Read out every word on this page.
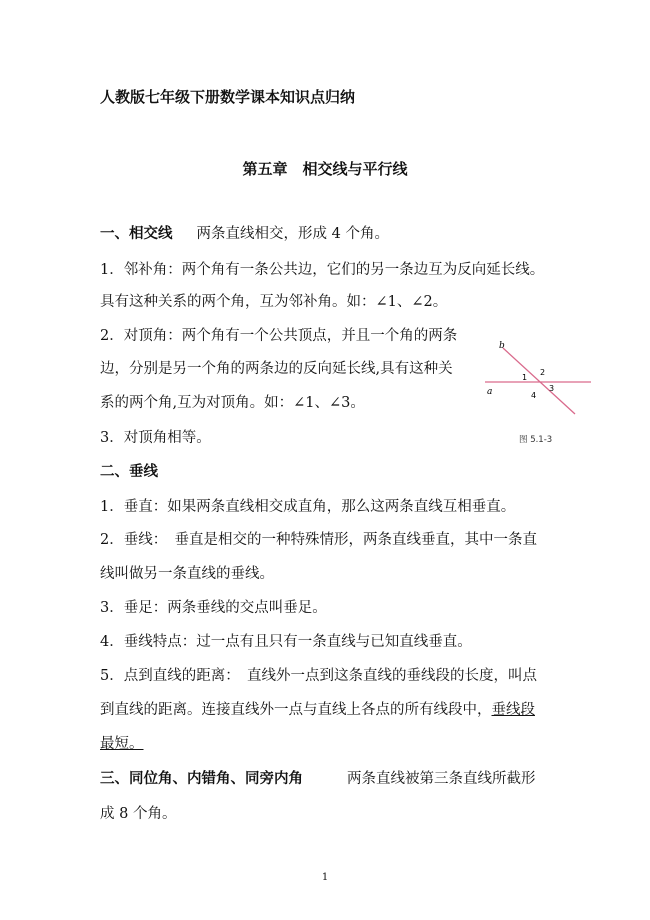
人教版七年级下册数学课本知识点归纳
第五章　相交线与平行线
一、相交线 两条直线相交，形成 4 个角。
1．邻补角：两个角有一条公共边，它们的另一条边互为反向延长线。
具有这种关系的两个角，互为邻补角。如：∠1、∠2。
2．对顶角：两个角有一个公共顶点，并且一个角的两条
边，分别是另一个角的两条边的反向延长线,具有这种关
系的两个角,互为对顶角。如：∠1、∠3。
3．对顶角相等。
b
a
1
2
3
4
图 5.1-3
二、垂线
1．垂直：如果两条直线相交成直角，那么这两条直线互相垂直。
2．垂线：　垂直是相交的一种特殊情形，两条直线垂直，其中一条直
线叫做另一条直线的垂线。
3．垂足：两条垂线的交点叫垂足。
4．垂线特点：过一点有且只有一条直线与已知直线垂直。
5．点到直线的距离：　直线外一点到这条直线的垂线段的长度，叫点
到直线的距离。连接直线外一点与直线上各点的所有线段中，垂线段
最短。
三、同位角、内错角、同旁内角	两条直线被第三条直线所截形
成 8 个角。
1
